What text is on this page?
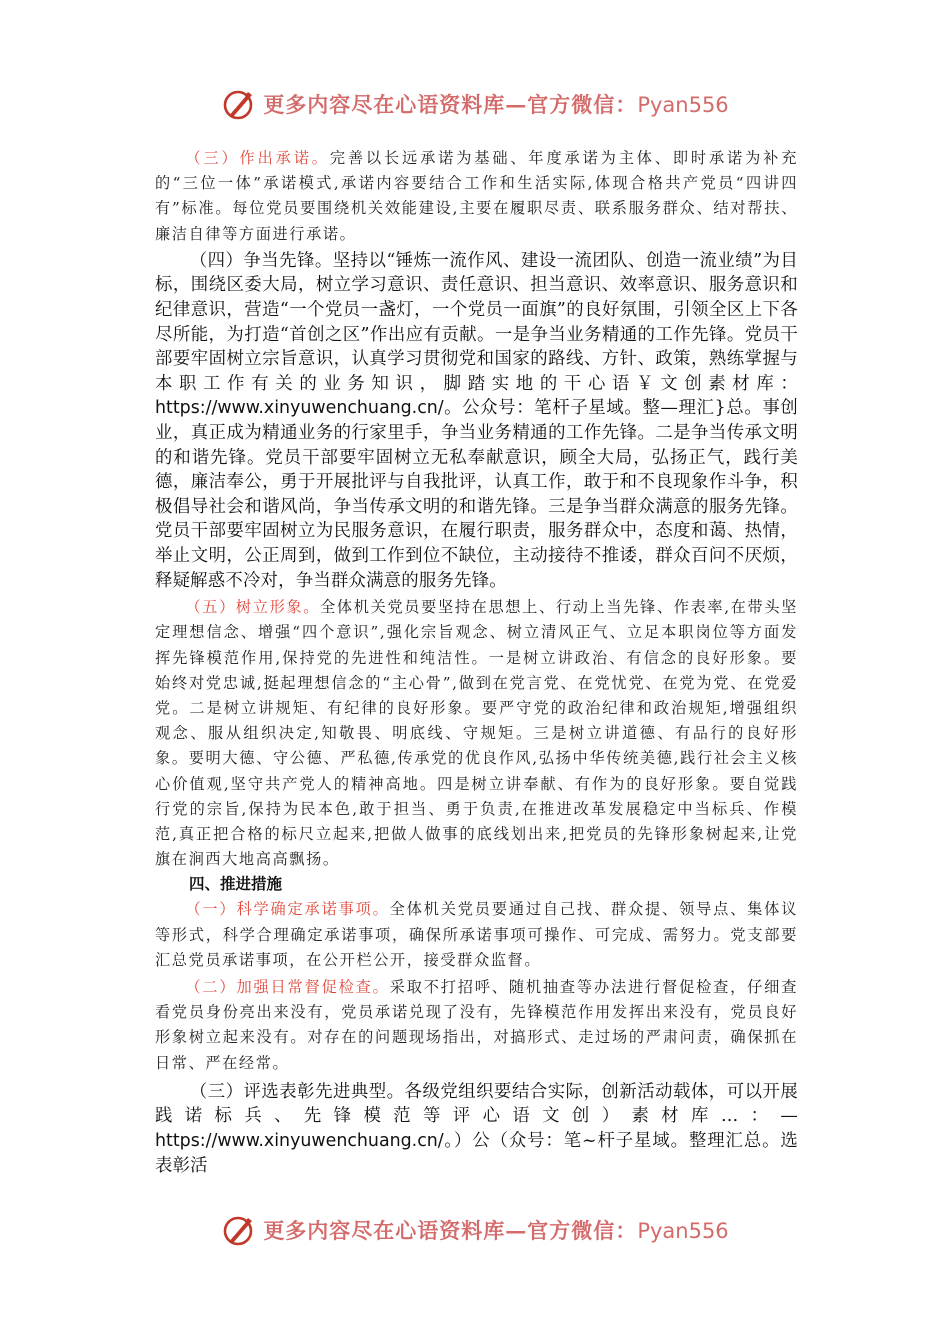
更多内容尽在心语资料库—官方微信：Pyan556

（三）作出承诺。完善以长远承诺为基础、年度承诺为主体、即时承诺为补充的“三位一体”承诺模式,承诺内容要结合工作和生活实际,体现合格共产党员“四讲四有”标准。每位党员要围绕机关效能建设,主要在履职尽责、联系服务群众、结对帮扶、廉洁自律等方面进行承诺。

（四）争当先锋。坚持以“锤炼一流作风、建设一流团队、创造一流业绩”为目标，围绕区委大局，树立学习意识、责任意识、担当意识、效率意识、服务意识和纪律意识，营造“一个党员一盏灯，一个党员一面旗”的良好氛围，引领全区上下各尽所能，为打造“首创之区”作出应有贡献。一是争当业务精通的工作先锋。党员干部要牢固树立宗旨意识，认真学习贯彻党和国家的路线、方针、政策，熟练掌握与本职工作有关的业务知识，脚踏实地的干心语￥文创素材库：https://www.xinyuwenchuang.cn/。公众号：笔杆子星域。整—理汇}总。事创业，真正成为精通业务的行家里手，争当业务精通的工作先锋。二是争当传承文明的和谐先锋。党员干部要牢固树立无私奉献意识，顾全大局，弘扬正气，践行美德，廉洁奉公，勇于开展批评与自我批评，认真工作，敢于和不良现象作斗争，积极倡导社会和谐风尚，争当传承文明的和谐先锋。三是争当群众满意的服务先锋。党员干部要牢固树立为民服务意识，在履行职责，服务群众中，态度和蔼、热情，举止文明，公正周到，做到工作到位不缺位，主动接待不推诿，群众百问不厌烦，释疑解惑不冷对，争当群众满意的服务先锋。

（五）树立形象。全体机关党员要坚持在思想上、行动上当先锋、作表率,在带头坚定理想信念、增强“四个意识”,强化宗旨观念、树立清风正气、立足本职岗位等方面发挥先锋模范作用,保持党的先进性和纯洁性。一是树立讲政治、有信念的良好形象。要始终对党忠诚,挺起理想信念的“主心骨”,做到在党言党、在党忧党、在党为党、在党爱党。二是树立讲规矩、有纪律的良好形象。要严守党的政治纪律和政治规矩,增强组织观念、服从组织决定,知敬畏、明底线、守规矩。三是树立讲道德、有品行的良好形象。要明大德、守公德、严私德,传承党的优良作风,弘扬中华传统美德,践行社会主义核心价值观,坚守共产党人的精神高地。四是树立讲奉献、有作为的良好形象。要自觉践行党的宗旨,保持为民本色,敢于担当、勇于负责,在推进改革发展稳定中当标兵、作模范,真正把合格的标尺立起来,把做人做事的底线划出来,把党员的先锋形象树起来,让党旗在涧西大地高高飘扬。

四、推进措施

（一）科学确定承诺事项。全体机关党员要通过自己找、群众提、领导点、集体议等形式，科学合理确定承诺事项，确保所承诺事项可操作、可完成、需努力。党支部要汇总党员承诺事项，在公开栏公开，接受群众监督。

（二）加强日常督促检查。采取不打招呼、随机抽查等办法进行督促检查，仔细查看党员身份亮出来没有，党员承诺兑现了没有，先锋模范作用发挥出来没有，党员良好形象树立起来没有。对存在的问题现场指出，对搞形式、走过场的严肃问责，确保抓在日常、严在经常。

（三）评选表彰先进典型。各级党组织要结合实际，创新活动载体，可以开展践诺标兵、先锋模范等评心语文创）素材库…：—https://www.xinyuwenchuang.cn/。）公（众号：笔~杆子星域。整理汇总。选表彰活

更多内容尽在心语资料库—官方微信：Pyan556
